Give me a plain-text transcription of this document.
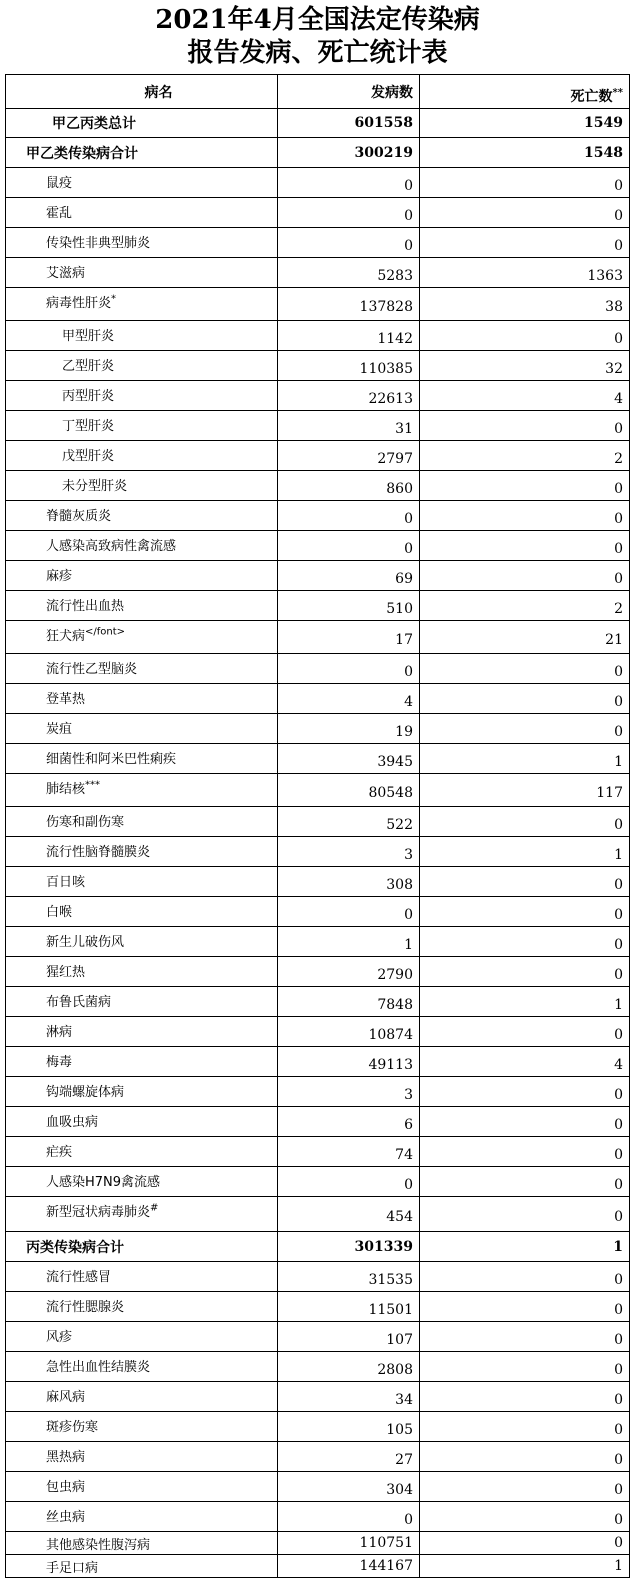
2021年4月全国法定传染病
报告发病、死亡统计表
病名	发病数	死亡数**
甲乙丙类总计	601558	1549
甲乙类传染病合计	300219	1548
鼠疫	0	0
霍乱	0	0
传染性非典型肺炎	0	0
艾滋病	5283	1363
病毒性肝炎*	137828	38
甲型肝炎	1142	0
乙型肝炎	110385	32
丙型肝炎	22613	4
丁型肝炎	31	0
戊型肝炎	2797	2
未分型肝炎	860	0
脊髓灰质炎	0	0
人感染高致病性禽流感	0	0
麻疹	69	0
流行性出血热	510	2
狂犬病$^{</font>}$	17	21
流行性乙型脑炎	0	0
登革热	4	0
炭疽	19	0
细菌性和阿米巴性痢疾	3945	1
肺结核***	80548	117
伤寒和副伤寒	522	0
流行性脑脊髓膜炎	3	1
百日咳	308	0
白喉	0	0
新生儿破伤风	1	0
猩红热	2790	0
布鲁氏菌病	7848	1
淋病	10874	0
梅毒	49113	4
钩端螺旋体病	3	0
血吸虫病	6	0
疟疾	74	0
人感染H7N9禽流感	0	0
新型冠状病毒肺炎#	454	0
丙类传染病合计	301339	1
流行性感冒	31535	0
流行性腮腺炎	11501	0
风疹	107	0
急性出血性结膜炎	2808	0
麻风病	34	0
斑疹伤寒	105	0
黑热病	27	0
包虫病	304	0
丝虫病	0	0
其他感染性腹泻病	110751	0
手足口病	144167	1
